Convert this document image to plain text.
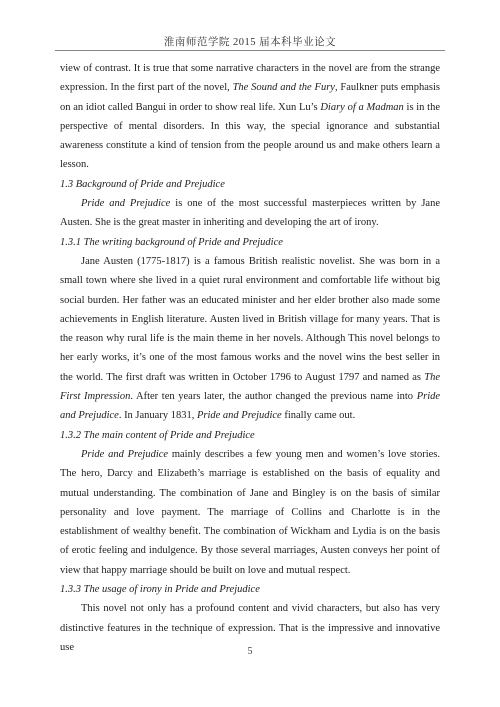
淮南师范学院 2015 届本科毕业论文

view of contrast. It is true that some narrative characters in the novel are from the strange expression. In the first part of the novel, The Sound and the Fury, Faulkner puts emphasis on an idiot called Bangui in order to show real life. Xun Lu’s Diary of a Madman is in the perspective of mental disorders. In this way, the special ignorance and substantial awareness constitute a kind of tension from the people around us and make others learn a lesson.

1.3 Background of Pride and Prejudice

Pride and Prejudice is one of the most successful masterpieces written by Jane Austen. She is the great master in inheriting and developing the art of irony.

1.3.1 The writing background of Pride and Prejudice

Jane Austen (1775-1817) is a famous British realistic novelist. She was born in a small town where she lived in a quiet rural environment and comfortable life without big social burden. Her father was an educated minister and her elder brother also made some achievements in English literature. Austen lived in British village for many years. That is the reason why rural life is the main theme in her novels. Although This novel belongs to her early works, it’s one of the most famous works and the novel wins the best seller in the world. The first draft was written in October 1796 to August 1797 and named as The First Impression. After ten years later, the author changed the previous name into Pride and Prejudice. In January 1831, Pride and Prejudice finally came out.

1.3.2 The main content of Pride and Prejudice

Pride and Prejudice mainly describes a few young men and women’s love stories. The hero, Darcy and Elizabeth’s marriage is established on the basis of equality and mutual understanding. The combination of Jane and Bingley is on the basis of similar personality and love payment. The marriage of Collins and Charlotte is in the establishment of wealthy benefit. The combination of Wickham and Lydia is on the basis of erotic feeling and indulgence. By those several marriages, Austen conveys her point of view that happy marriage should be built on love and mutual respect.

1.3.3 The usage of irony in Pride and Prejudice

This novel not only has a profound content and vivid characters, but also has very distinctive features in the technique of expression. That is the impressive and innovative use	5
